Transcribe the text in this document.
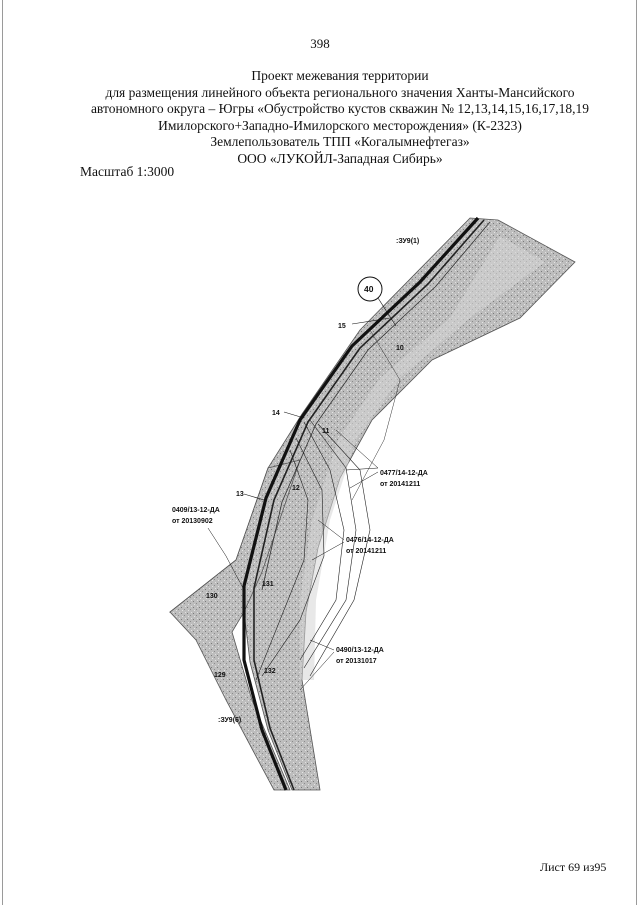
398
Проект межевания территории
для размещения линейного объекта регионального значения Ханты-Мансийского
автономного округа – Югры «Обустройство кустов скважин № 12,13,14,15,16,17,18,19
Имилорского+Западно-Имилорского месторождения» (К-2323)
Землепользователь ТПП «Когалымнефтегаз»
ООО «ЛУКОЙЛ-Западная Сибирь»
Масштаб 1:3000
:ЗУ9(1)
:ЗУ9(6)
40
15
10
14
11
13
12
130
131
129
132
0477/14-12-ДА
от 20141211
0409/13-12-ДА
от 20130902
0476/14-12-ДА
от 20141211
0490/13-12-ДА
от 20131017
Лист 69 из95
